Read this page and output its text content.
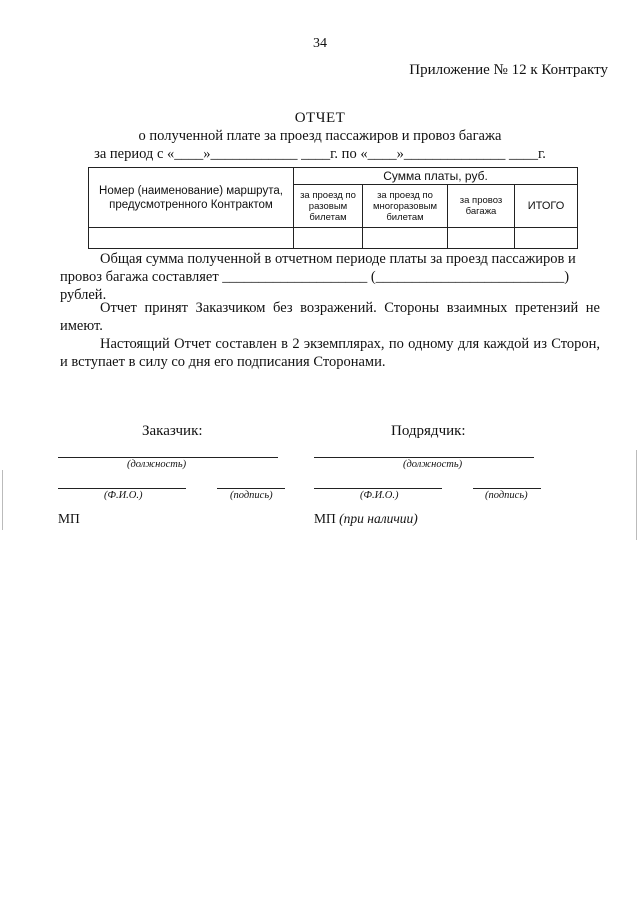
34
Приложение № 12 к Контракту
ОТЧЕТ
о полученной плате за проезд пассажиров и провоз багажа
за период с «____»____________ ____г. по «____»______________ ____г.
Номер (наименование) маршрута, предусмотренного Контрактом	Сумма платы, руб.			
	за проезд по разовым билетам	за проезд по многоразовым билетам	за провоз багажа	ИТОГО

Общая сумма полученной в отчетном периоде платы за проезд пассажиров и
провоз багажа составляет ____________________ (__________________________) рублей.
Отчет принят Заказчиком без возражений. Стороны взаимных претензий не имеют.
Настоящий Отчет составлен в 2 экземплярах, по одному для каждой из Сторон, и вступает в силу со дня его подписания Сторонами.
Заказчик:	Подрядчик:
(должность)
(Ф.И.О.)	(подпись)
МП
(должность)
(Ф.И.О.)	(подпись)
МП (при наличии)
